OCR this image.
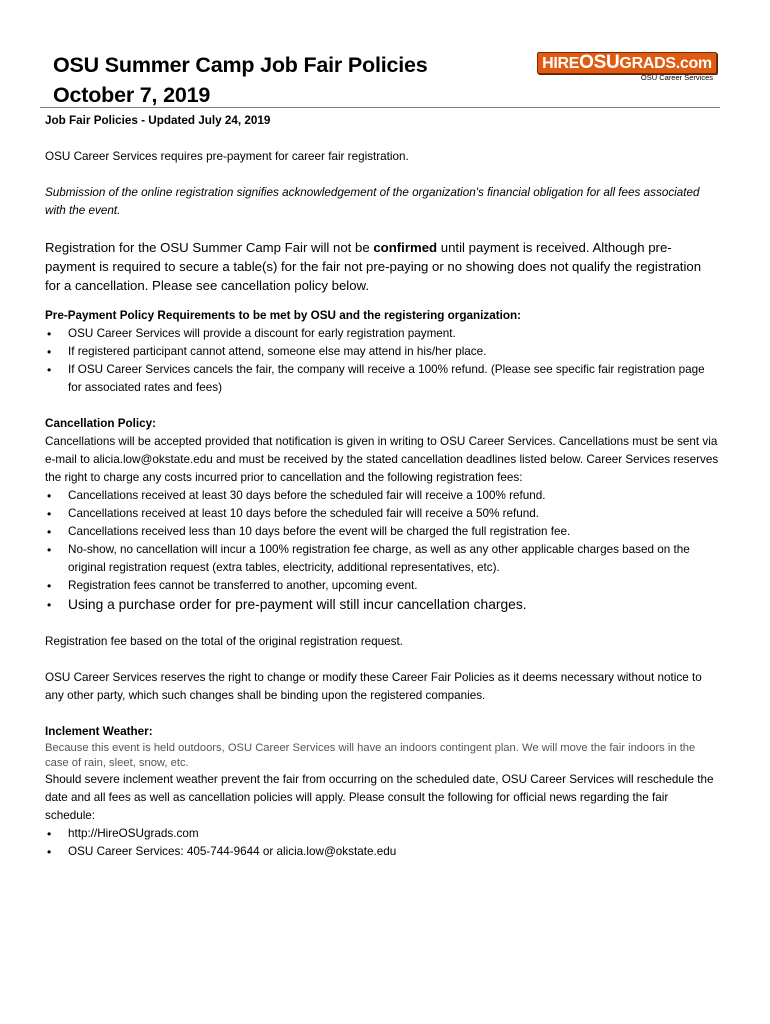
OSU Summer Camp Job Fair Policies
October 7, 2019
HIREOSUGRADS.com
OSU Career Services

Job Fair Policies - Updated July 24, 2019

OSU Career Services requires pre-payment for career fair registration.

Submission of the online registration signifies acknowledgement of the organization's financial obligation for all fees associated with the event.

Registration for the OSU Summer Camp Fair will not be confirmed until payment is received. Although pre-payment is required to secure a table(s) for the fair not pre-paying or no showing does not qualify the registration for a cancellation. Please see cancellation policy below.

Pre-Payment Policy Requirements to be met by OSU and the registering organization:

• OSU Career Services will provide a discount for early registration payment.
• If registered participant cannot attend, someone else may attend in his/her place.
• If OSU Career Services cancels the fair, the company will receive a 100% refund. (Please see specific fair registration page for associated rates and fees)

Cancellation Policy:

Cancellations will be accepted provided that notification is given in writing to OSU Career Services. Cancellations must be sent via e-mail to alicia.low@okstate.edu and must be received by the stated cancellation deadlines listed below. Career Services reserves the right to charge any costs incurred prior to cancellation and the following registration fees:

• Cancellations received at least 30 days before the scheduled fair will receive a 100% refund.
• Cancellations received at least 10 days before the scheduled fair will receive a 50% refund.
• Cancellations received less than 10 days before the event will be charged the full registration fee.
• No-show, no cancellation will incur a 100% registration fee charge, as well as any other applicable charges based on the original registration request (extra tables, electricity, additional representatives, etc).
• Registration fees cannot be transferred to another, upcoming event.
• Using a purchase order for pre-payment will still incur cancellation charges.

Registration fee based on the total of the original registration request.

OSU Career Services reserves the right to change or modify these Career Fair Policies as it deems necessary without notice to any other party, which such changes shall be binding upon the registered companies.

Inclement Weather:

Because this event is held outdoors, OSU Career Services will have an indoors contingent plan. We will move the fair indoors in the case of rain, sleet, snow, etc.

Should severe inclement weather prevent the fair from occurring on the scheduled date, OSU Career Services will reschedule the date and all fees as well as cancellation policies will apply. Please consult the following for official news regarding the fair schedule:

• http://HireOSUgrads.com
• OSU Career Services: 405-744-9644 or alicia.low@okstate.edu
